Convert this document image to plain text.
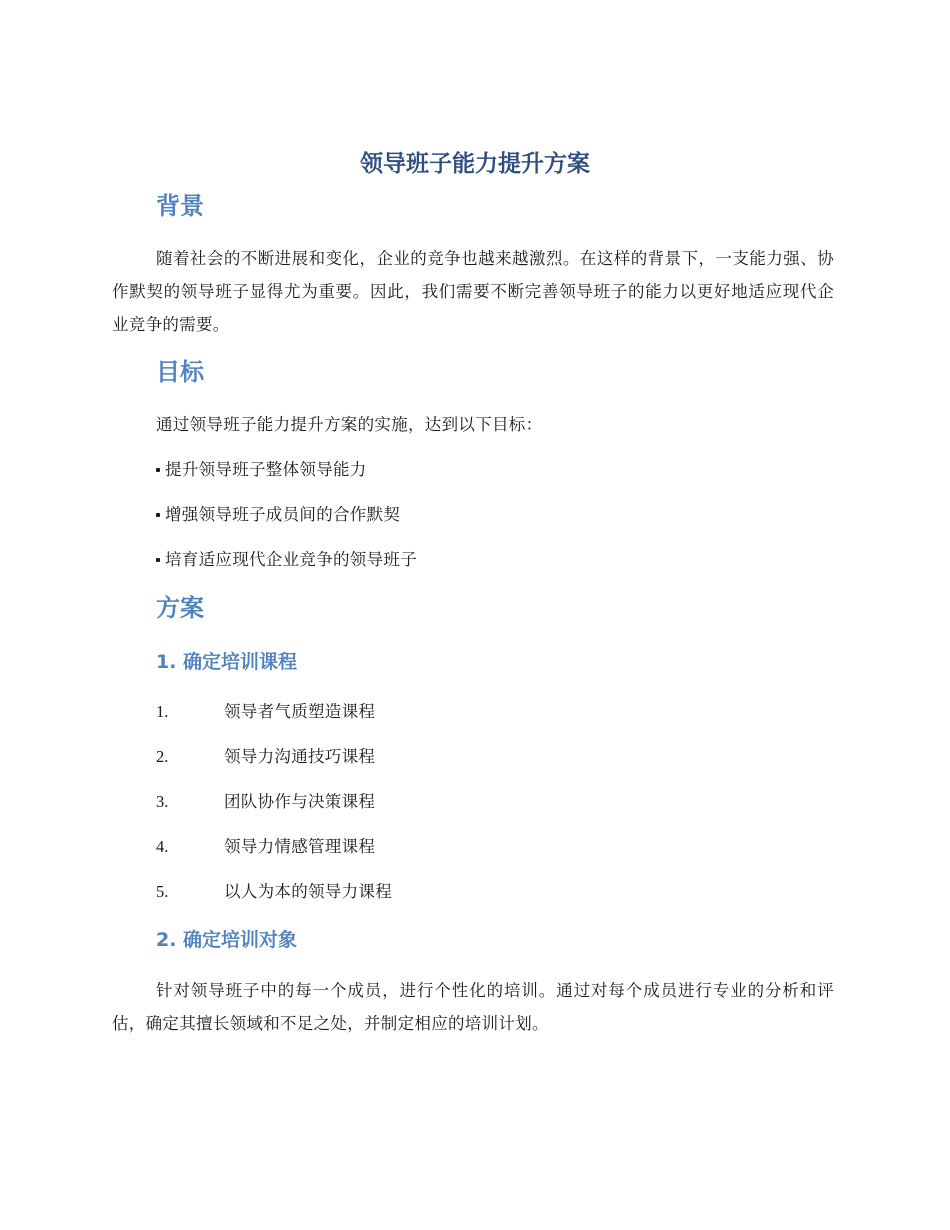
领导班子能力提升方案
背景
随着社会的不断进展和变化，企业的竞争也越来越激烈。在这样的背景下，一支能力强、协作默契的领导班子显得尤为重要。因此，我们需要不断完善领导班子的能力以更好地适应现代企业竞争的需要。
目标
通过领导班子能力提升方案的实施，达到以下目标：
提升领导班子整体领导能力
增强领导班子成员间的合作默契
培育适应现代企业竞争的领导班子
方案
1. 确定培训课程
1.	领导者气质塑造课程
2.	领导力沟通技巧课程
3.	团队协作与决策课程
4.	领导力情感管理课程
5.	以人为本的领导力课程
2. 确定培训对象
针对领导班子中的每一个成员，进行个性化的培训。通过对每个成员进行专业的分析和评估，确定其擅长领域和不足之处，并制定相应的培训计划。
